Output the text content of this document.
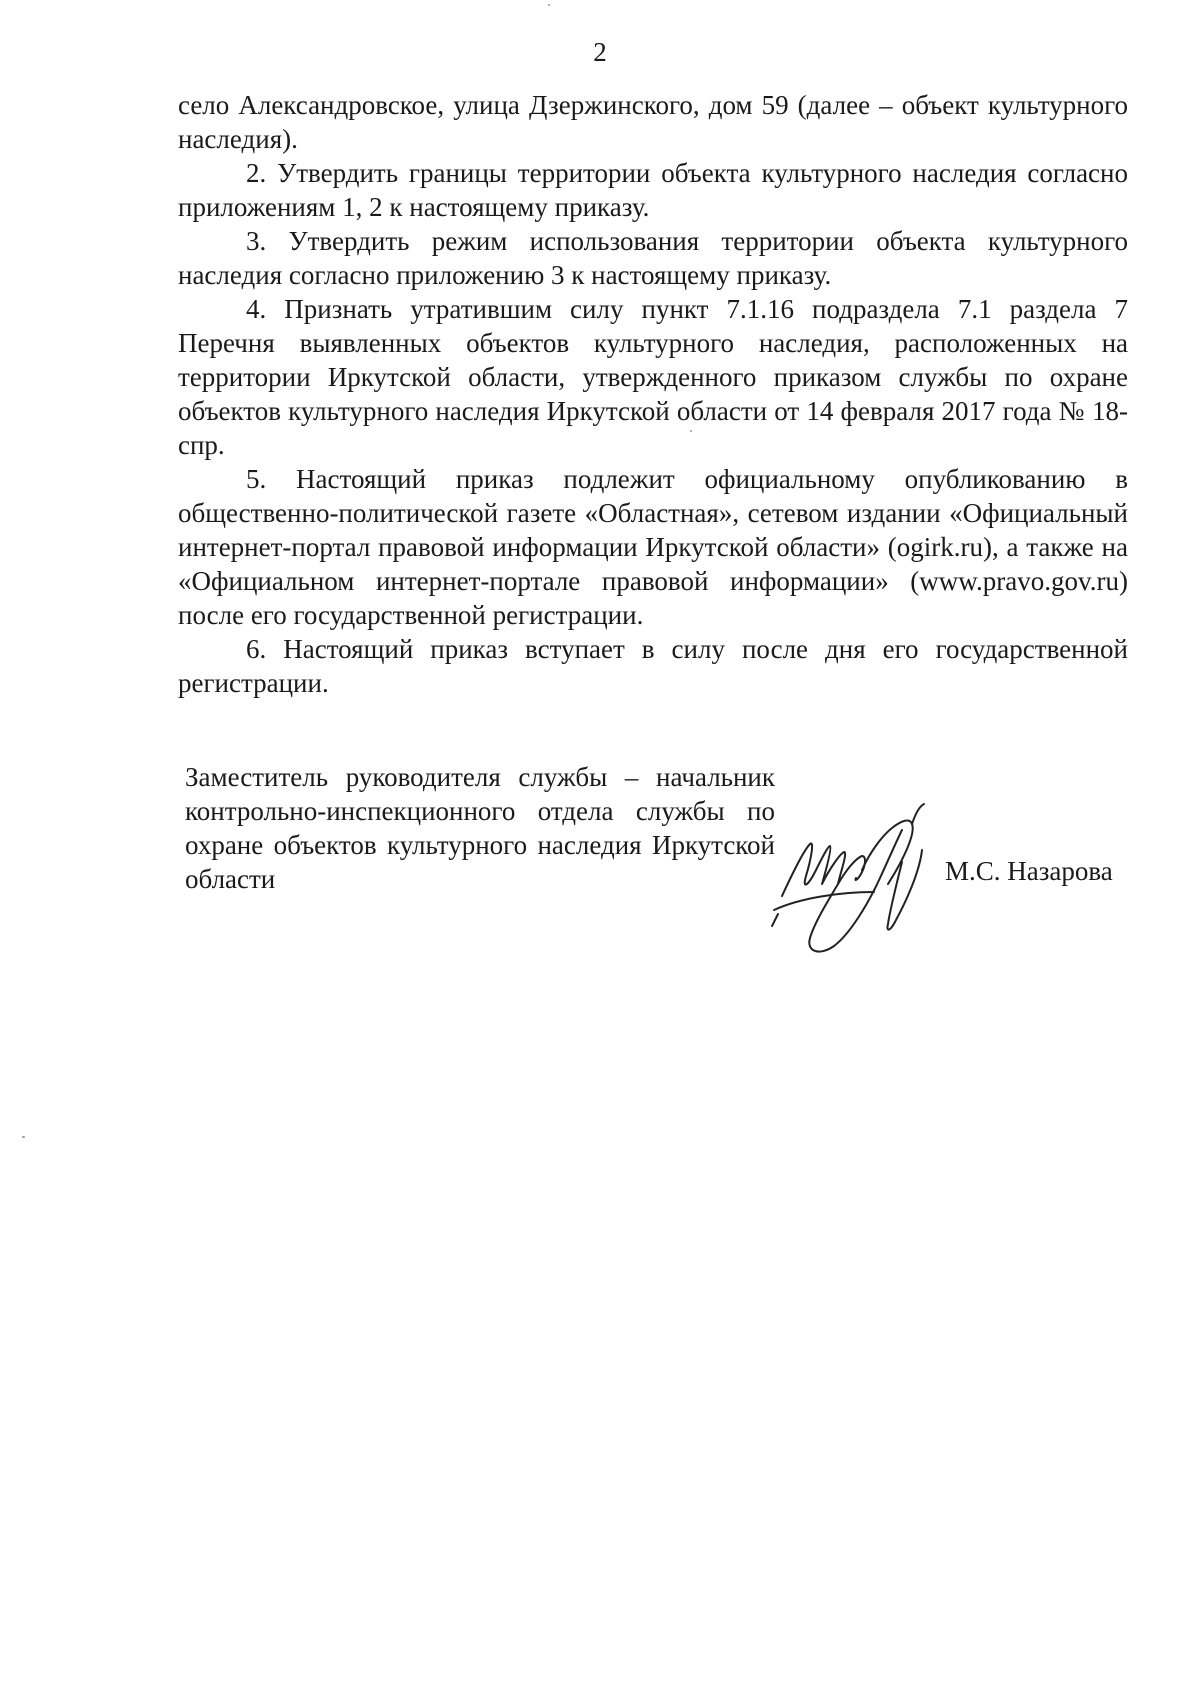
2

село Александровское, улица Дзержинского, дом 59 (далее – объект культурного наследия).

2. Утвердить границы территории объекта культурного наследия согласно приложениям 1, 2 к настоящему приказу.

3. Утвердить режим использования территории объекта культурного наследия согласно приложению 3 к настоящему приказу.

4. Признать утратившим силу пункт 7.1.16 подраздела 7.1 раздела 7 Перечня выявленных объектов культурного наследия, расположенных на территории Иркутской области, утвержденного приказом службы по охране объектов культурного наследия Иркутской области от 14 февраля 2017 года № 18-спр.

5. Настоящий приказ подлежит официальному опубликованию в общественно-политической газете «Областная», сетевом издании «Официальный интернет-портал правовой информации Иркутской области» (ogirk.ru), а также на «Официальном интернет-портале правовой информации» (www.pravo.gov.ru) после его государственной регистрации.

6. Настоящий приказ вступает в силу после дня его государственной регистрации.

Заместитель руководителя службы – начальник контрольно-инспекционного отдела службы по охране объектов культурного наследия Иркутской области	М.С. Назарова
